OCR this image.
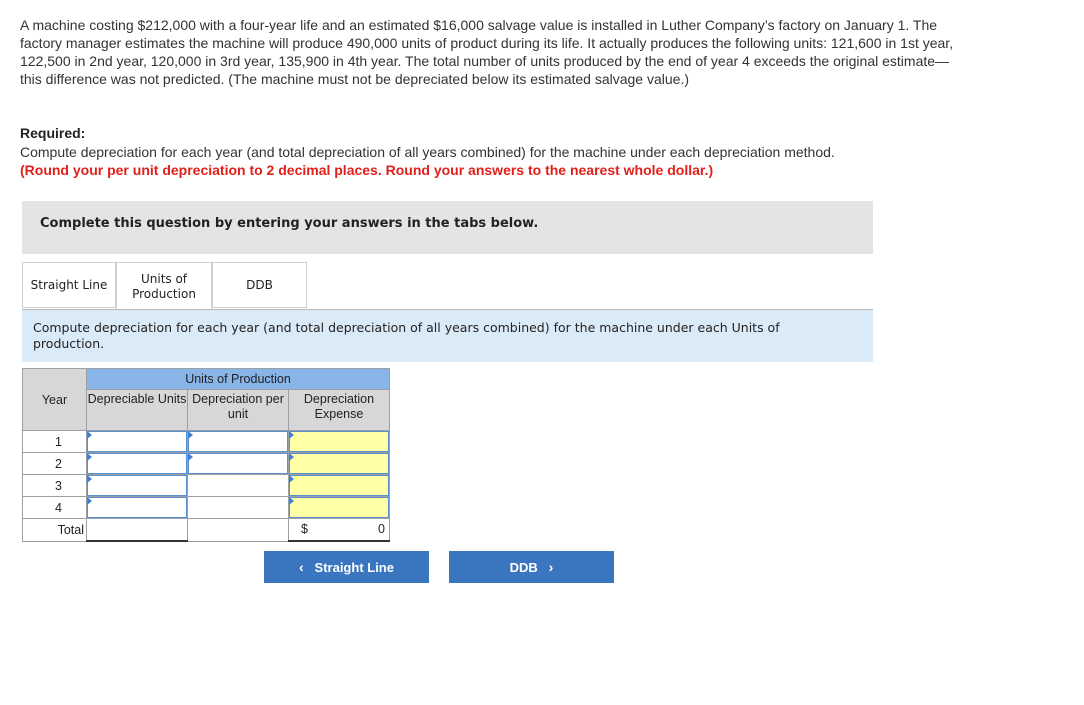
A machine costing $212,000 with a four-year life and an estimated $16,000 salvage value is installed in Luther Company’s factory on January 1. The factory manager estimates the machine will produce 490,000 units of product during its life. It actually produces the following units: 121,600 in 1st year, 122,500 in 2nd year, 120,000 in 3rd year, 135,900 in 4th year. The total number of units produced by the end of year 4 exceeds the original estimate—this difference was not predicted. (The machine must not be depreciated below its estimated salvage value.)

Required:
Compute depreciation for each year (and total depreciation of all years combined) for the machine under each depreciation method.
(Round your per unit depreciation to 2 decimal places. Round your answers to the nearest whole dollar.)
Complete this question by entering your answers in the tabs below.
Straight Line	Units of Production
DDB
Compute depreciation for each year (and total depreciation of all years combined) for the machine under each Units of production.
Year	Units of Production		
	Depreciable Units	Depreciation per unit	Depreciation Expense
1	

2	

3	

4	

Total			$ 0
‹
Straight Line	DDB
›
